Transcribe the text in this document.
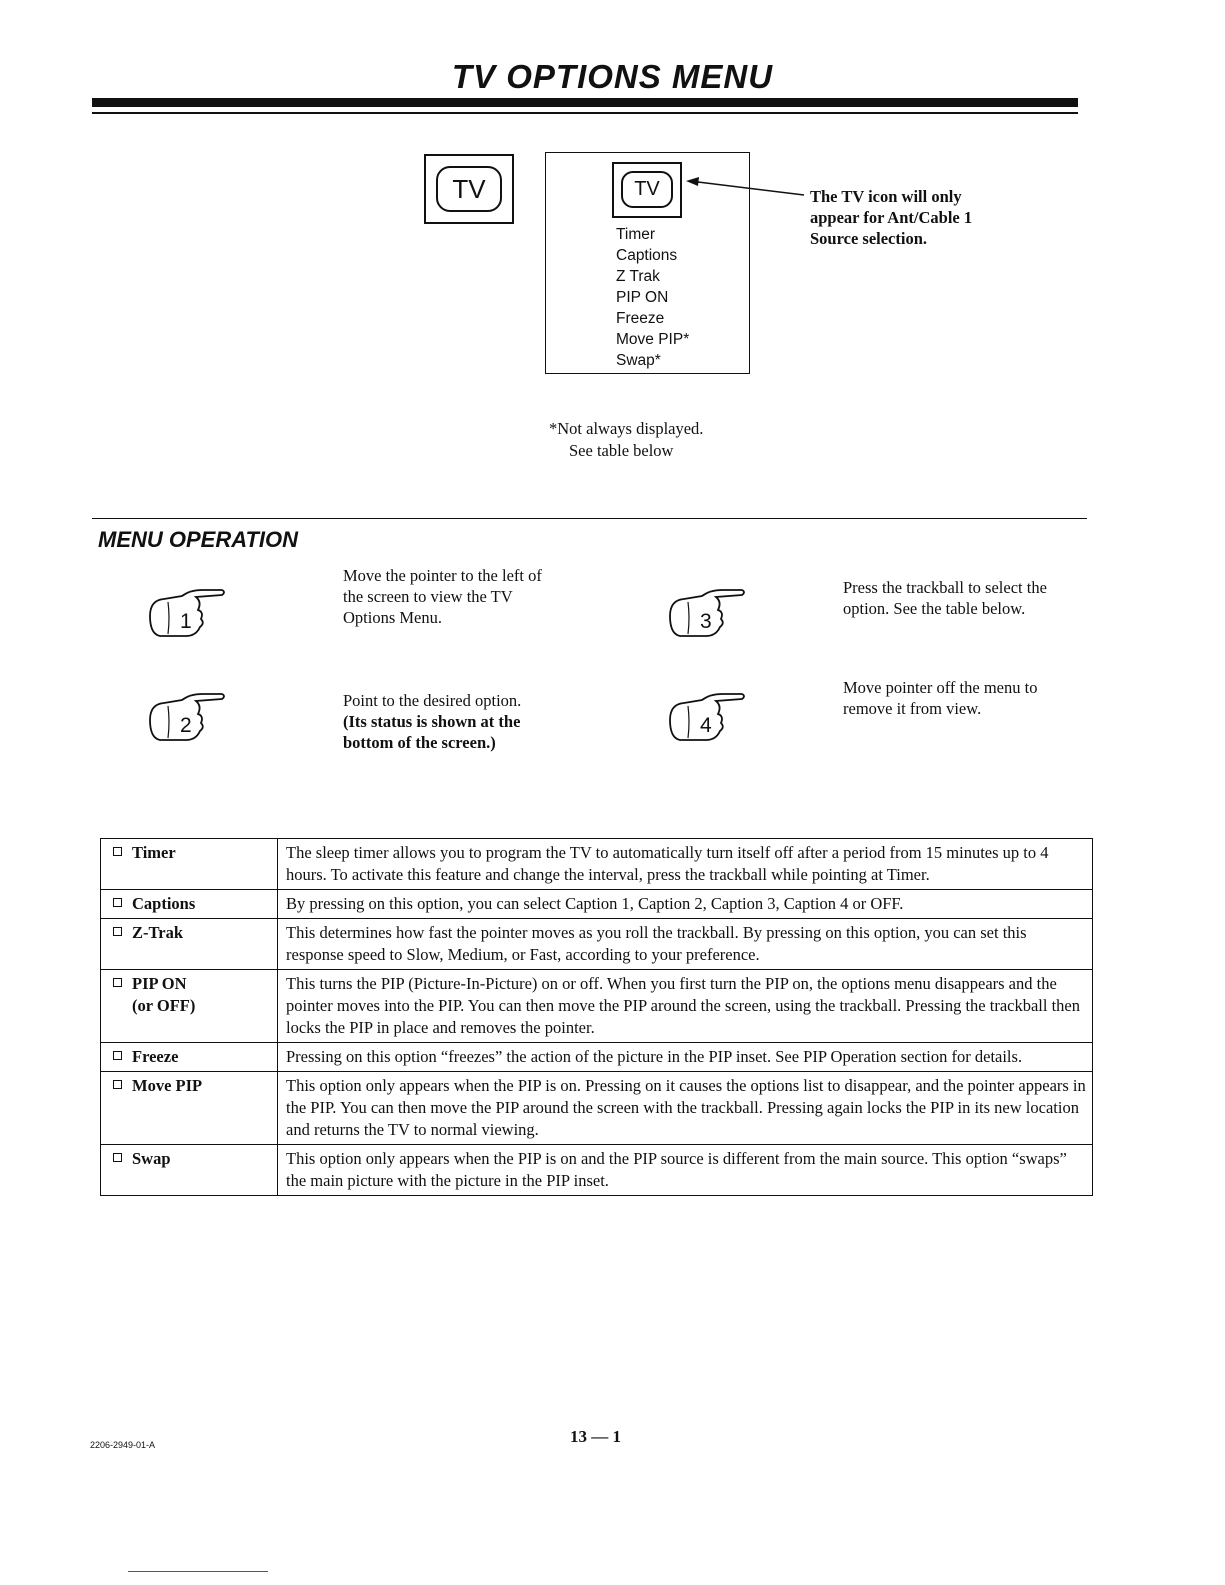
TV OPTIONS MENU
TV	TV
Timer
Captions
Z Trak
PIP ON
Freeze
Move PIP*
Swap*
The TV icon will only
appear for Ant/Cable 1
Source selection.
*Not always displayed.
See table below
MENU OPERATION
1
Move the pointer to the left of
the screen to view the TV
Options Menu.
2
Point to the desired option.
(Its status is shown at the
bottom of the screen.)
3
Press the trackball to select the
option. See the table below.
4
Move pointer off the menu to
remove it from view.
Timer	The sleep timer allows you to program the TV to automatically turn itself off after a period from 15 minutes up to 4 hours. To activate this feature and change the interval, press the trackball while pointing at Timer.
Captions	By pressing on this option, you can select Caption 1, Caption 2, Caption 3, Caption 4 or OFF.
Z-Trak	This determines how fast the pointer moves as you roll the trackball. By pressing on this option, you can set this response speed to Slow, Medium, or Fast, according to your preference.
PIP ON
(or OFF)	This turns the PIP (Picture-In-Picture) on or off. When you first turn the PIP on, the options menu disappears and the pointer moves into the PIP. You can then move the PIP around the screen, using the trackball. Pressing the trackball then locks the PIP in place and removes the pointer.
Freeze	Pressing on this option “freezes” the action of the picture in the PIP inset. See PIP Operation section for details.
Move PIP	This option only appears when the PIP is on. Pressing on it causes the options list to disappear, and the pointer appears in the PIP. You can then move the PIP around the screen with the trackball. Pressing again locks the PIP in its new location and returns the TV to normal viewing.
Swap	This option only appears when the PIP is on and the PIP source is different from the main source. This option “swaps” the main picture with the picture in the PIP inset.
2206-2949-01-A	13 — 1
